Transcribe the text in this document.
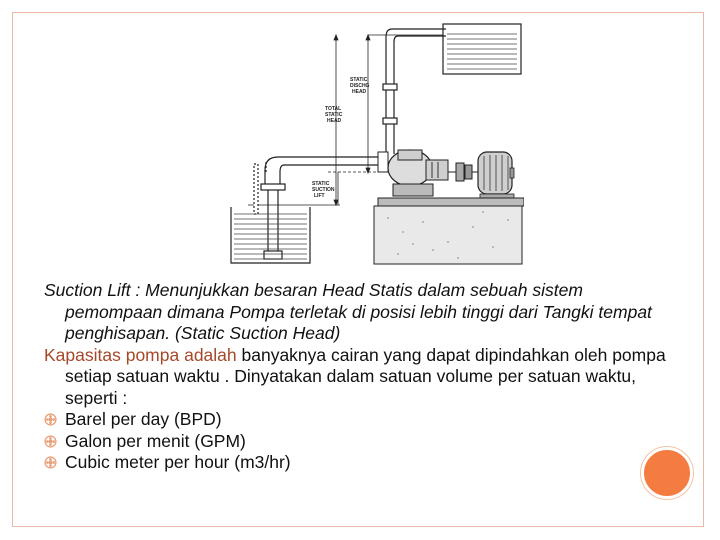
STATIC
DISCHG
HEAD
TOTAL
STATIC
HEAD
STATIC
SUCTION
LIFT

Suction Lift : Menunjukkan besaran Head Statis dalam sebuah sistem pemompaan dimana Pompa terletak di posisi lebih tinggi dari Tangki tempat penghisapan. (Static Suction Head)

Kapasitas pompa adalah banyaknya cairan yang dapat dipindahkan oleh pompa setiap satuan waktu . Dinyatakan dalam satuan volume per satuan waktu, seperti :

Barel per day (BPD)
Galon per menit (GPM)
Cubic meter per hour (m3/hr)
